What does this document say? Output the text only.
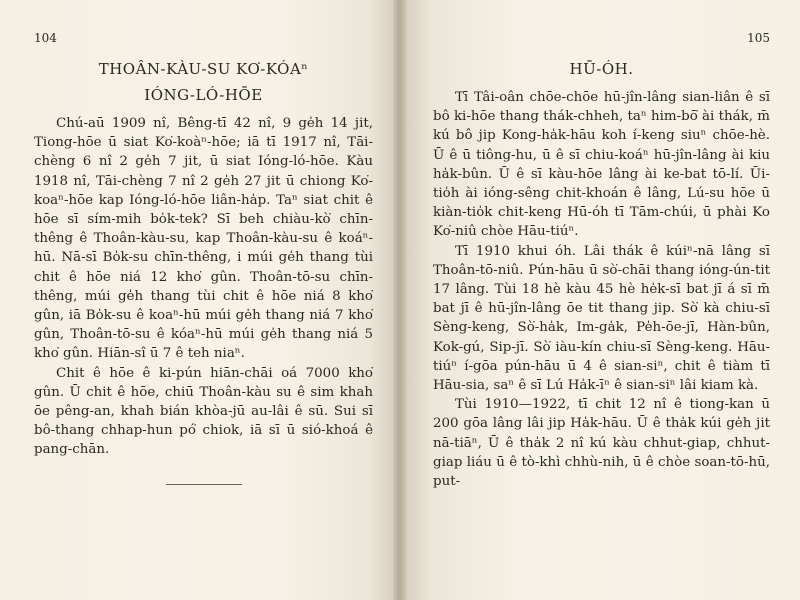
104
THOÂN-KÀU-SU KO͘-KÓAⁿ
IÓNG-LÓ-HŌE

Chú-aū 1909 nî, Bêng-tī 42 nî, 9 ge̍h 14 jit, Tiong-hōe ū siat Ko͘-koàⁿ-hōe; iā tī 1917 nî, Tāi-chèng 6 nî 2 ge̍h 7 jit, ū siat Ióng-ló-hōe. Kàu 1918 nî, Tāi-chèng 7 nî 2 ge̍h 27 jit ū chiong Ko͘-koaⁿ-hōe kap Ióng-ló-hōe liân-ha̍p. Taⁿ siat chit ê hōe sī sím-mih bo̍k-tek? Sī beh chiàu-kò͘ chīn-thêng ê Thoân-kàu-su, kap Thoân-kàu-su ê koáⁿ-hū. Nā-sī Bo̍k-su chīn-thêng, i múi ge̍h thang tùi chit ê hōe niá 12 kho͘ gûn. Thoân-tō-su chīn-thêng, múi ge̍h thang tùi chit ê hōe niá 8 kho͘ gûn, iā Bo̍k-su ê koaⁿ-hū múi ge̍h thang niá 7 kho͘ gûn, Thoân-tō-su ê kóaⁿ-hū múi ge̍h thang niá 5 kho͘ gûn. Hiān-sî ū 7 ê teh niaⁿ.

Chit ê hōe ê ki-pún hiān-chāi oá 7000 kho͘ gûn. Ū chit ê hōe, chiū Thoân-kàu su ê sim khah ōe pêng-an, khah bián khòa-jū au-lâi ê sū. Sui sī bô-thang chhap-hun pó͘ chiok, iā sī ū sió-khoá ê pang-chān.

105
HŪ-ÓH.

Tī Tâi-oân chōe-chōe hū-jîn-lâng sian-liân ê sī bô ki-hōe thang thák-chheh, taⁿ him-bō͘ ài thák, m̄ kú bô jip Kong-ha̍k-hāu koh í-keng siuⁿ chōe-hè. Ū ê ū tiông-hu, ū ê sī chiu-koáⁿ hū-jîn-lâng ài kiu ha̍k-bûn. Ū ê sī kàu-hōe lâng ài ke-bat tō-lí. Ūi-tio̍h ài ióng-sêng chit-khoán ê lâng, Lú-su hōe ū kiàn-tio̍k chit-keng Hū-óh tī Tām-chúi, ū phài Ko Ko͘-niû chòe Hāu-tiúⁿ.

Tī 1910 khui óh. Lâi thák ê kúiⁿ-nā lâng sī Thoân-tō-niû. Pún-hāu ū sò͘-chāi thang ióng-ún-tit 17 lâng. Tùi 18 hè kàu 45 hè he̍k-sī bat jī á sī m̄ bat jī ê hū-jîn-lâng ōe tit thang jip. Sò͘ kà chiu-sī Sèng-keng, Sò͘-ha̍k, Im-ga̍k, Pe̍h-ōe-jī, Hàn-bûn, Kok-gú, Sip-jī. Sò͘ iàu-kín chiu-sī Sèng-keng. Hāu-tiúⁿ í-gōa pún-hāu ū 4 ê sian-siⁿ, chit ê tiàm tī Hāu-sia, saⁿ ê sī Lú Ha̍k-īⁿ ê sian-siⁿ lâi kiam kà.

Tùi 1910—1922, tī chit 12 nî ê tiong-kan ū 200 gōa lâng lâi jip Ha̍k-hāu. Ū ê tha̍k kúi ge̍h jit nā-tiāⁿ, Ū ê tha̍k 2 nî kú kàu chhut-giap, chhut-giap liáu ū ê tò-khì chhù-nih, ū ê chòe soan-tō-hū, put-
